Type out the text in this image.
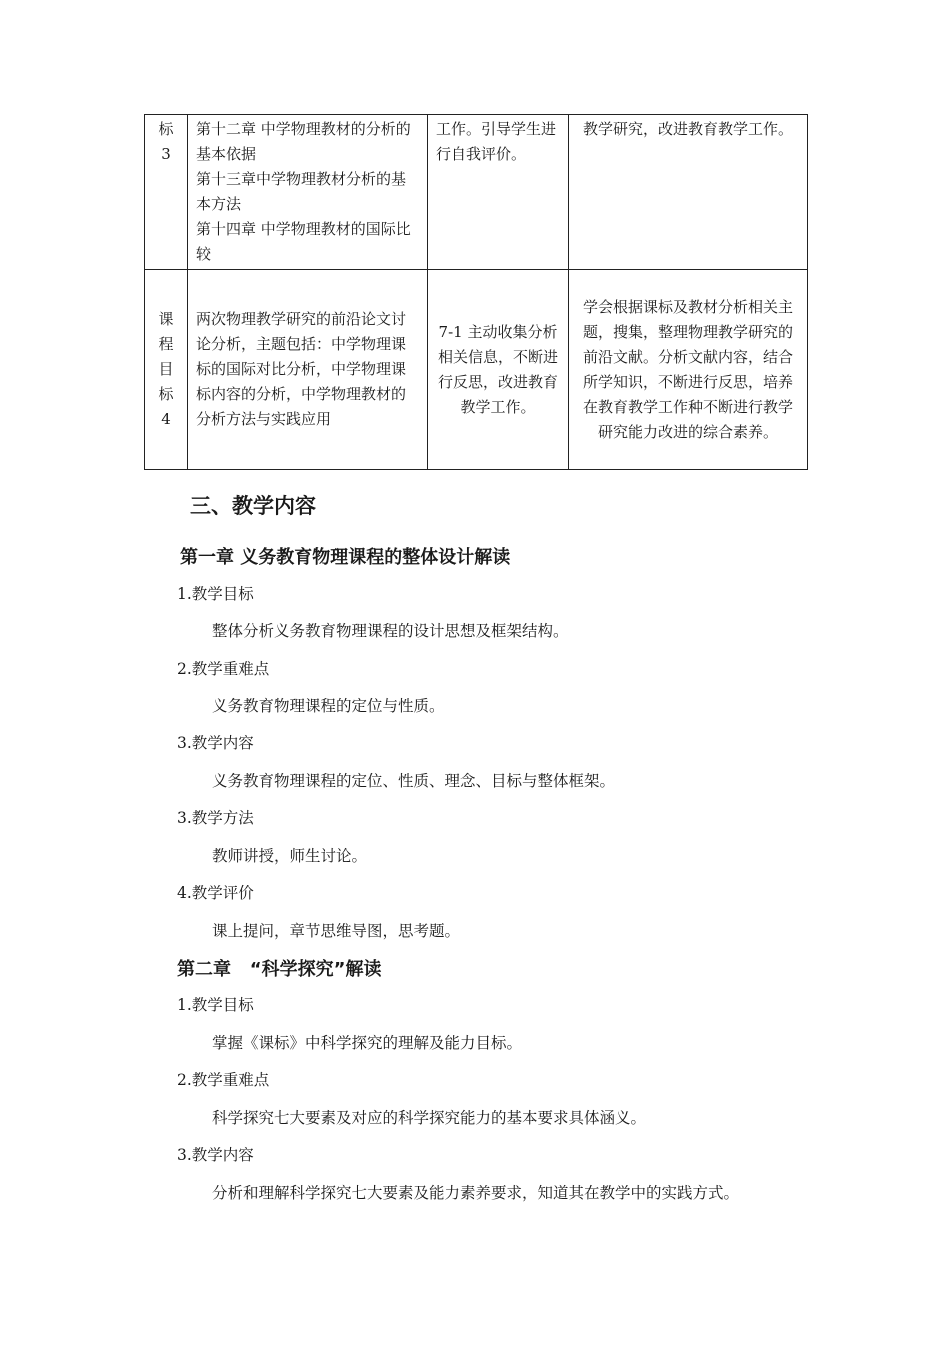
标
3	第十二章 中学物理教材的分析的基本依据
第十三章中学物理教材分析的基本方法
第十四章 中学物理教材的国际比较	工作。引导学生进行自我评价。	教学研究，改进教育教学工作。

课
程
目
标
4	两次物理教学研究的前沿论文讨论分析，主题包括：中学物理课标的国际对比分析，中学物理课标内容的分析，中学物理教材的分析方法与实践应用	7-1 主动收集分析相关信息，不断进行反思，改进教育教学工作。	学会根据课标及教材分析相关主题，搜集，整理物理教学研究的前沿文献。分析文献内容，结合所学知识，不断进行反思，培养在教育教学工作种不断进行教学研究能力改进的综合素养。
三、教学内容
第一章 义务教育物理课程的整体设计解读

1.教学目标

整体分析义务教育物理课程的设计思想及框架结构。

2.教学重难点

义务教育物理课程的定位与性质。

3.教学内容

义务教育物理课程的定位、性质、理念、目标与整体框架。

3.教学方法

教师讲授，师生讨论。

4.教学评价

课上提问，章节思维导图，思考题。

第二章   “科学探究”解读

1.教学目标

掌握《课标》中科学探究的理解及能力目标。

2.教学重难点

科学探究七大要素及对应的科学探究能力的基本要求具体涵义。

3.教学内容

分析和理解科学探究七大要素及能力素养要求，知道其在教学中的实践方式。
